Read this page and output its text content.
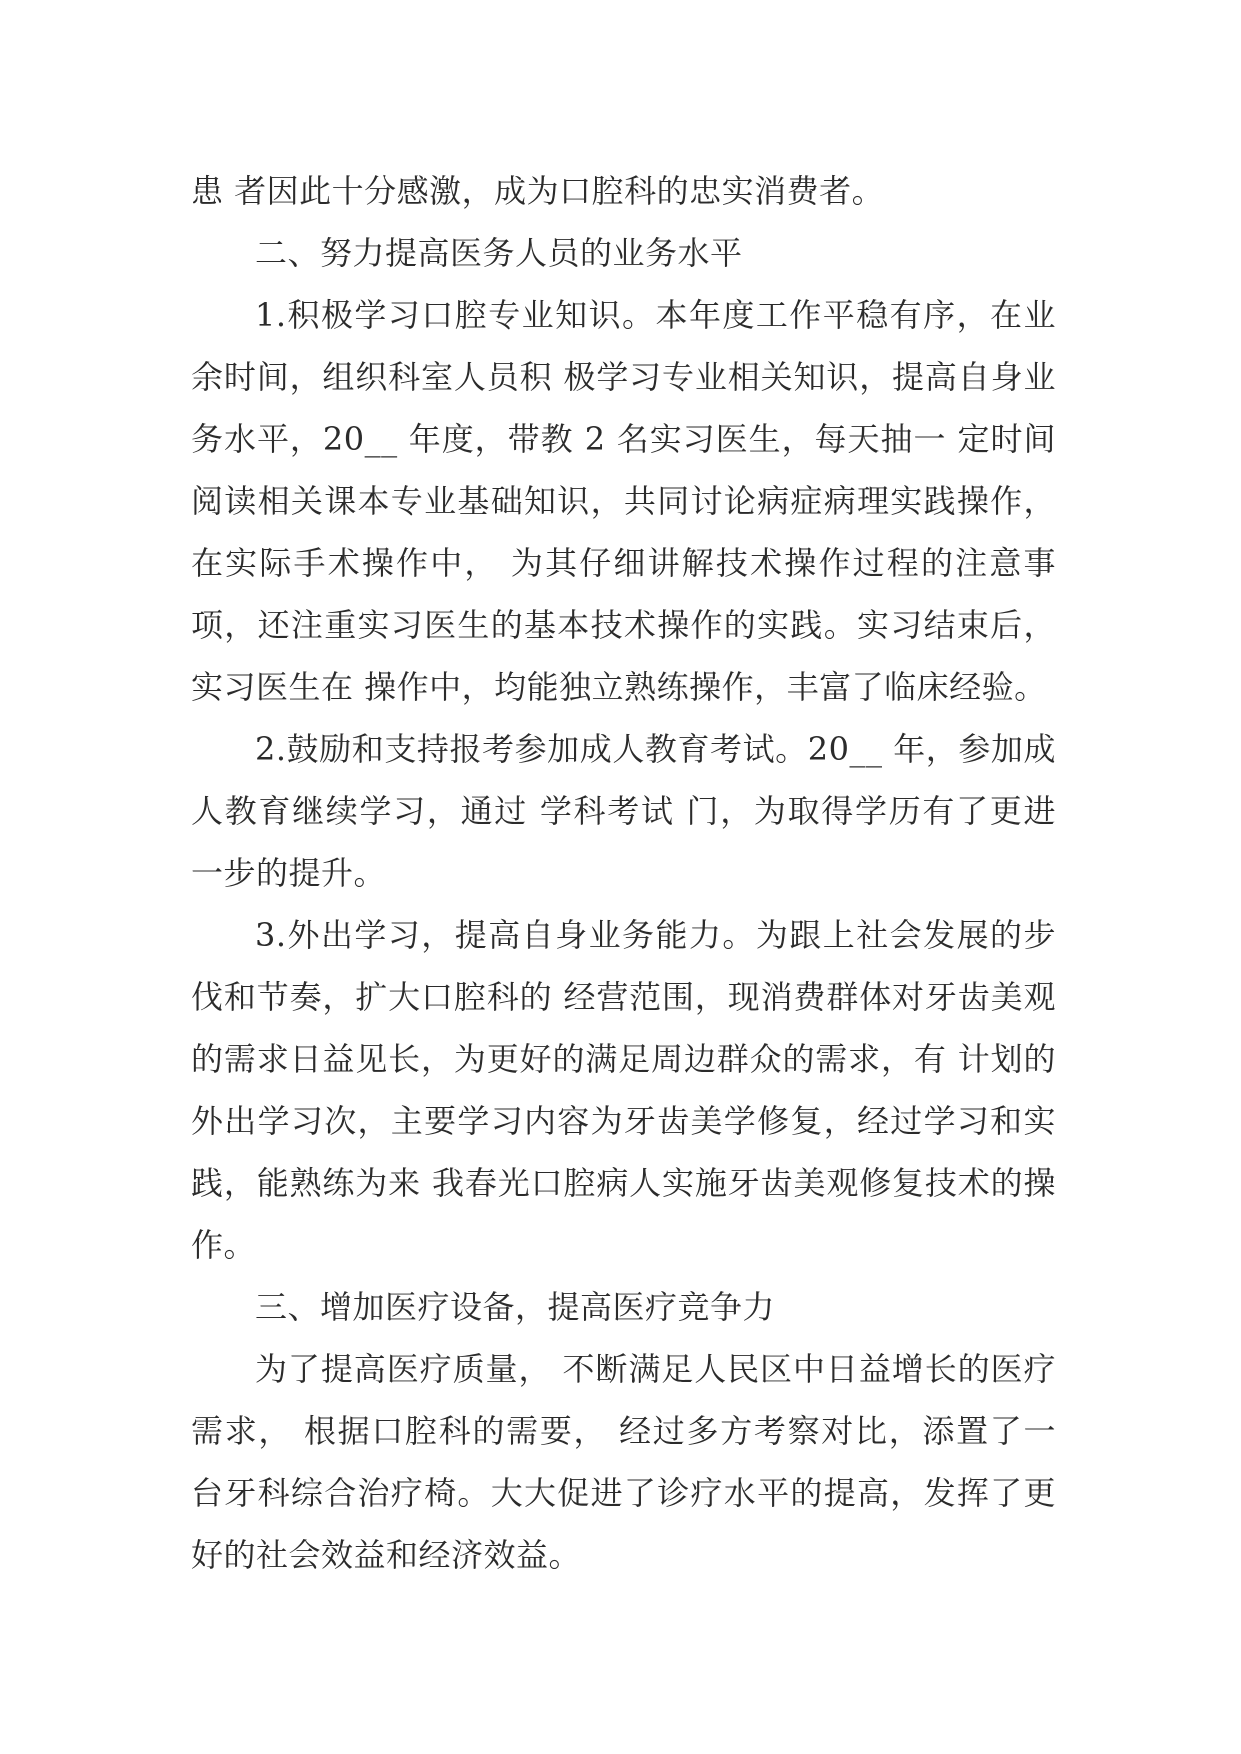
患 者因此十分感激，成为口腔科的忠实消费者。

二、努力提高医务人员的业务水平

1.积极学习口腔专业知识。本年度工作平稳有序，在业余时间，组织科室人员积 极学习专业相关知识，提高自身业务水平，20__ 年度，带教 2 名实习医生，每天抽一 定时间阅读相关课本专业基础知识，共同讨论病症病理实践操作，在实际手术操作中， 为其仔细讲解技术操作过程的注意事项，还注重实习医生的基本技术操作的实践。实习结束后，实习医生在 操作中，均能独立熟练操作，丰富了临床经验。

2.鼓励和支持报考参加成人教育考试。20__ 年，参加成人教育继续学习，通过 学科考试 门，为取得学历有了更进一步的提升。

3.外出学习，提高自身业务能力。为跟上社会发展的步伐和节奏，扩大口腔科的 经营范围，现消费群体对牙齿美观的需求日益见长，为更好的满足周边群众的需求，有 计划的外出学习次，主要学习内容为牙齿美学修复，经过学习和实践，能熟练为来 我春光口腔病人实施牙齿美观修复技术的操作。

三、增加医疗设备，提高医疗竞争力

为了提高医疗质量， 不断满足人民区中日益增长的医疗需求， 根据口腔科的需要， 经过多方考察对比，添置了一台牙科综合治疗椅。大大促进了诊疗水平的提高，发挥了更好的社会效益和经济效益。
